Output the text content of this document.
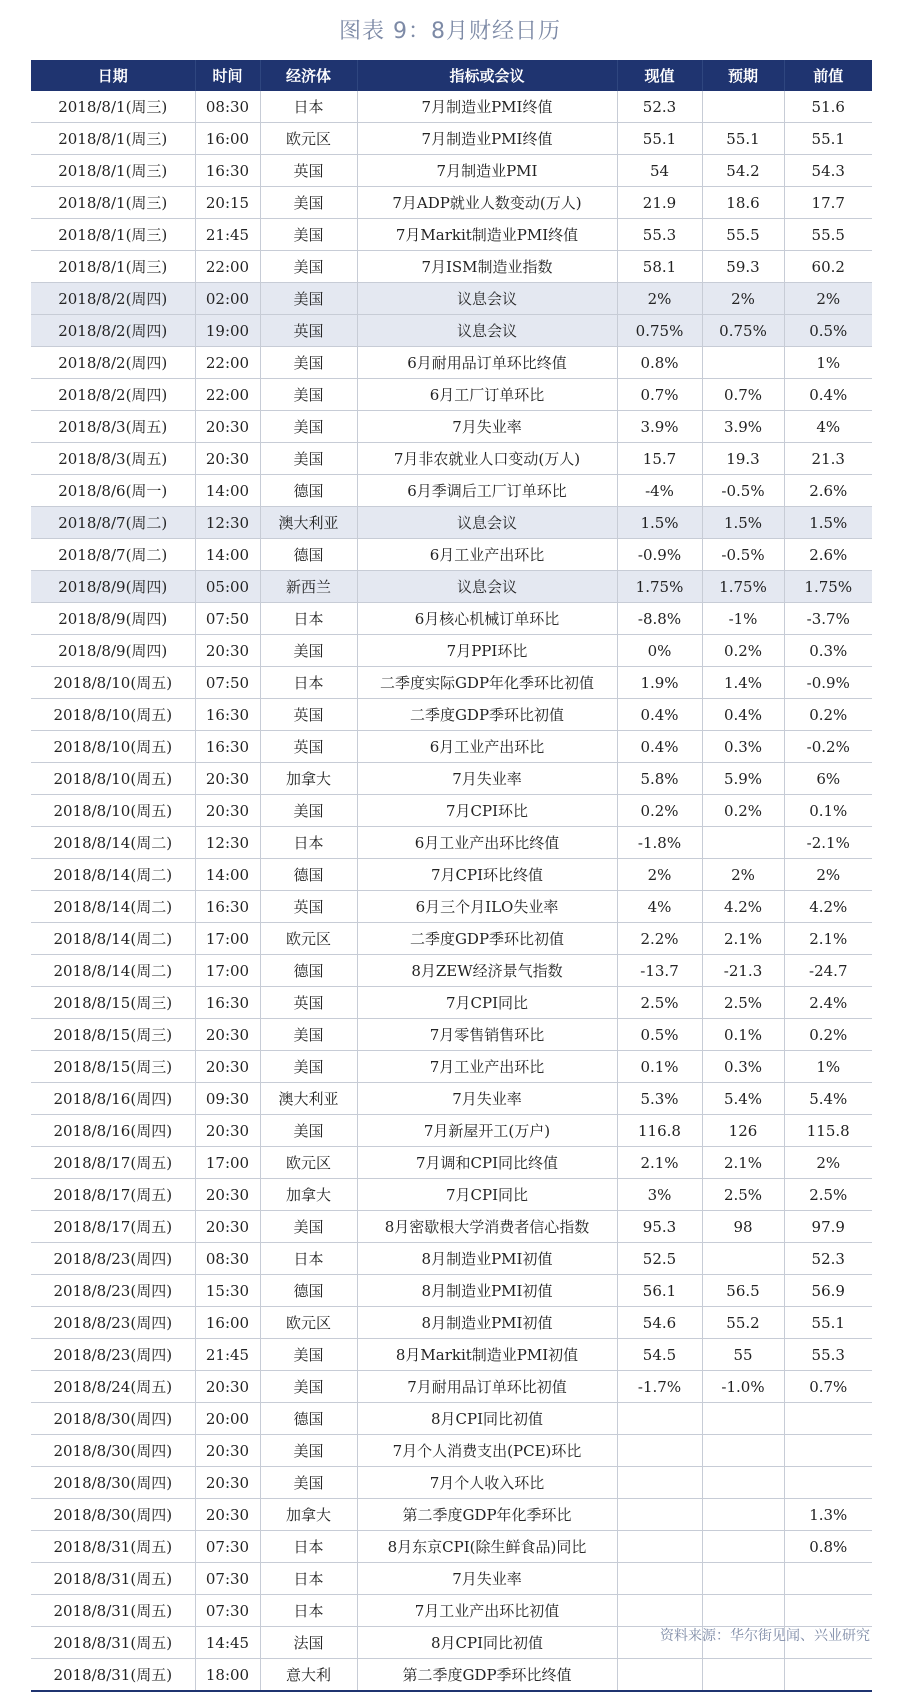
图表 9：8月财经日历
日期	时间	经济体	指标或会议	现值	预期	前值
2018/8/1(周三)	08:30	日本	7月制造业PMI终值	52.3		51.6
2018/8/1(周三)	16:00	欧元区	7月制造业PMI终值	55.1	55.1	55.1
2018/8/1(周三)	16:30	英国	7月制造业PMI	54	54.2	54.3
2018/8/1(周三)	20:15	美国	7月ADP就业人数变动(万人)	21.9	18.6	17.7
2018/8/1(周三)	21:45	美国	7月Markit制造业PMI终值	55.3	55.5	55.5
2018/8/1(周三)	22:00	美国	7月ISM制造业指数	58.1	59.3	60.2
2018/8/2(周四)	02:00	美国	议息会议	2%	2%	2%
2018/8/2(周四)	19:00	英国	议息会议	0.75%	0.75%	0.5%
2018/8/2(周四)	22:00	美国	6月耐用品订单环比终值	0.8%		1%
2018/8/2(周四)	22:00	美国	6月工厂订单环比	0.7%	0.7%	0.4%
2018/8/3(周五)	20:30	美国	7月失业率	3.9%	3.9%	4%
2018/8/3(周五)	20:30	美国	7月非农就业人口变动(万人)	15.7	19.3	21.3
2018/8/6(周一)	14:00	德国	6月季调后工厂订单环比	-4%	-0.5%	2.6%
2018/8/7(周二)	12:30	澳大利亚	议息会议	1.5%	1.5%	1.5%
2018/8/7(周二)	14:00	德国	6月工业产出环比	-0.9%	-0.5%	2.6%
2018/8/9(周四)	05:00	新西兰	议息会议	1.75%	1.75%	1.75%
2018/8/9(周四)	07:50	日本	6月核心机械订单环比	-8.8%	-1%	-3.7%
2018/8/9(周四)	20:30	美国	7月PPI环比	0%	0.2%	0.3%
2018/8/10(周五)	07:50	日本	二季度实际GDP年化季环比初值	1.9%	1.4%	-0.9%
2018/8/10(周五)	16:30	英国	二季度GDP季环比初值	0.4%	0.4%	0.2%
2018/8/10(周五)	16:30	英国	6月工业产出环比	0.4%	0.3%	-0.2%
2018/8/10(周五)	20:30	加拿大	7月失业率	5.8%	5.9%	6%
2018/8/10(周五)	20:30	美国	7月CPI环比	0.2%	0.2%	0.1%
2018/8/14(周二)	12:30	日本	6月工业产出环比终值	-1.8%		-2.1%
2018/8/14(周二)	14:00	德国	7月CPI环比终值	2%	2%	2%
2018/8/14(周二)	16:30	英国	6月三个月ILO失业率	4%	4.2%	4.2%
2018/8/14(周二)	17:00	欧元区	二季度GDP季环比初值	2.2%	2.1%	2.1%
2018/8/14(周二)	17:00	德国	8月ZEW经济景气指数	-13.7	-21.3	-24.7
2018/8/15(周三)	16:30	英国	7月CPI同比	2.5%	2.5%	2.4%
2018/8/15(周三)	20:30	美国	7月零售销售环比	0.5%	0.1%	0.2%
2018/8/15(周三)	20:30	美国	7月工业产出环比	0.1%	0.3%	1%
2018/8/16(周四)	09:30	澳大利亚	7月失业率	5.3%	5.4%	5.4%
2018/8/16(周四)	20:30	美国	7月新屋开工(万户)	116.8	126	115.8
2018/8/17(周五)	17:00	欧元区	7月调和CPI同比终值	2.1%	2.1%	2%
2018/8/17(周五)	20:30	加拿大	7月CPI同比	3%	2.5%	2.5%
2018/8/17(周五)	20:30	美国	8月密歇根大学消费者信心指数	95.3	98	97.9
2018/8/23(周四)	08:30	日本	8月制造业PMI初值	52.5		52.3
2018/8/23(周四)	15:30	德国	8月制造业PMI初值	56.1	56.5	56.9
2018/8/23(周四)	16:00	欧元区	8月制造业PMI初值	54.6	55.2	55.1
2018/8/23(周四)	21:45	美国	8月Markit制造业PMI初值	54.5	55	55.3
2018/8/24(周五)	20:30	美国	7月耐用品订单环比初值	-1.7%	-1.0%	0.7%
2018/8/30(周四)	20:00	德国	8月CPI同比初值			
2018/8/30(周四)	20:30	美国	7月个人消费支出(PCE)环比			
2018/8/30(周四)	20:30	美国	7月个人收入环比			
2018/8/30(周四)	20:30	加拿大	第二季度GDP年化季环比			1.3%
2018/8/31(周五)	07:30	日本	8月东京CPI(除生鲜食品)同比			0.8%
2018/8/31(周五)	07:30	日本	7月失业率			
2018/8/31(周五)	07:30	日本	7月工业产出环比初值			
2018/8/31(周五)	14:45	法国	8月CPI同比初值			
2018/8/31(周五)	18:00	意大利	第二季度GDP季环比终值			
资料来源：华尔街见闻、兴业研究
